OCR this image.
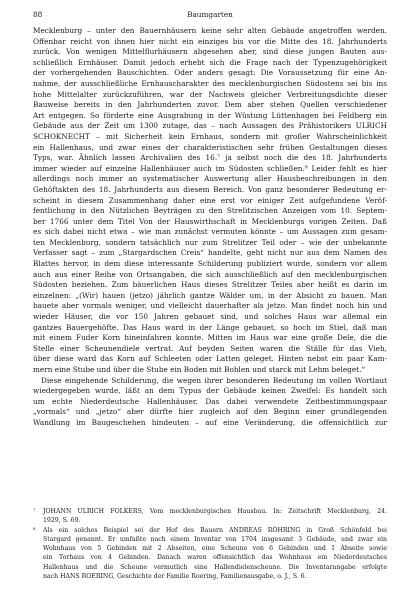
88	Baumgarten
Mecklenburg – unter den Bauernhäusern keine sehr alten Gebäude angetroffen werden.
Offenbar reicht von ihnen hier nicht ein einziges bis vor die Mitte des 18. Jahrhunderts
zurück. Von wenigen Mittelflurhäusern abgesehen aber, sind diese jungen Bauten aus-
schließlich Ernhäuser. Damit jedoch erhebt sich die Frage nach der Typenzugehörigkeit
der vorhergehenden Bauschichten. Oder anders gesagt: Die Voraussetzung für eine An-
nahme, der ausschließliche Ernhauscharakter des mecklenburgischen Südostens sei bis ins
hohe Mittelalter zurückzuführen, war der Nachweis gleicher Verbreitungsdichte dieser
Bauweise bereits in den Jahrhunderten zuvor. Dem aber stehen Quellen verschiedener
Art entgegen. So förderte eine Ausgrabung in der Wüstung Lüttenhagen bei Feldberg ein
Gebäude aus der Zeit um 1300 zutage, das – nach Aussagen des Prähistorikers ULRICH
SCHOKNECHT – mit Sicherheit kein Ernhaus, sondern mit großer Wahrscheinlichkeit
ein Hallenhaus, und zwar eines der charakteristischen sehr frühen Gestaltungen dieses
Typs, war. Ähnlich lassen Archivalien des 16.⁷ ja selbst noch die des 18. Jahrhunderts
immer wieder auf einzelne Hallenhäuser auch im Südosten schließen.⁸ Leider fehlt es hier
allerdings noch immer an systematischer Auswertung aller Hausbeschreibungen in den
Gehöftakten des 18. Jahrhunderts aus diesem Bereich. Von ganz besonderer Bedeutung er-
scheint in diesem Zusammenhang daher eine erst vor einiger Zeit aufgefundene Veröf-
fentlichung in den Nützlichen Beyträgen zu den Strelitzischen Anzeigen vom 10. Septem-
ber 1766 unter dem Titel Von der Hauswirthschaft in Mecklenburgs vorigen Zeiten. Daß
es sich dabei nicht etwa – wie man zunächst vermuten könnte – um Aussagen zum gesam-
ten Mecklenburg, sondern tatsächlich nur zum Strelitzer Teil oder – wie der unbekannte
Verfasser sagt – zum „Stargardschen Creis“ handelte, geht nicht nur aus dem Namen des
Blattes hervor, in dem diese interessante Schilderung publiziert wurde, sondern vor allem
auch aus einer Reihe von Ortsangaben, die sich ausschließlich auf den mecklenburgischen
Südosten beziehen. Zum bäuerlichen Haus dieses Strelitzer Teiles aber heißt es darin im
einzelnen: „(Wir) hauen (jetzo) jährlich gantze Wälder um, in der Absicht zu bauen. Man
bauete aber vormals weniger, und vielleicht dauerhafter als jetzo. Man findet noch hin und
wieder Häuser, die vor 150 Jahren gebauet sind, und solches Haus war allemal ein
gantzes Bauergehöfte. Das Haus ward in der Länge gebauet, so hoch im Stiel, daß man
mit einem Fuder Korn hineinfahren konnte. Mitten im Haus war eine große Dele, die die
Stelle einer Scheunendiele vertrat. Auf beyden Seiten waren die Ställe für das Vieh,
über diese ward das Korn auf Schleeten oder Latten geleget. Hinten nebst ein paar Kam-
mern eine Stube und über die Stube ein Boden mit Bohlen und starck mit Lehm beleget.“
Diese eingehende Schilderung, die wegen ihrer besonderen Bedeutung im vollen Wortlaut
wiedergegeben wurde, läßt an dem Typus der Gebäude keinen Zweifel: Es handelt sich
um echte Niederdeutsche Hallenhäuser. Das dabei verwendete Zeitbestimmungspaar
„vormals“ und „jetzo“ aber dürfte hier zugleich auf den Beginn einer grundlegenden
Wandlung im Baugeschehen hindeuten – auf eine Veränderung, die offensichtlich zur
⁷ JOHANN ULRICH FOLKERS, Vom mecklenburgischen Hausbau. In: Zeitschrift Mecklenburg, 24.
1929, S. 69.
⁸ Als ein solches Beispiel sei der Hof des Bauern ANDREAS RÖHRING in Groß Schönfeld bei
Stargard genannt. Er umfaßte nach einem Inventar von 1704 insgesamt 3 Gebäude, und zwar ein
Wohnhaus von 5 Gebinden mit 2 Abseiten, eine Scheune von 6 Gebinden und 1 Abseite sowie
ein Torhaus von 4 Gebinden. Danach waren offensichtlich das Wohnhaus ein Niederdeutsches
Hallenhaus und die Scheune vermutlich eine Hallendielenscheune. Die Inventarangabe erfolgte
nach HANS ROERING, Geschichte der Familie Roering, Familienausgabe, o. J., S. 6.
